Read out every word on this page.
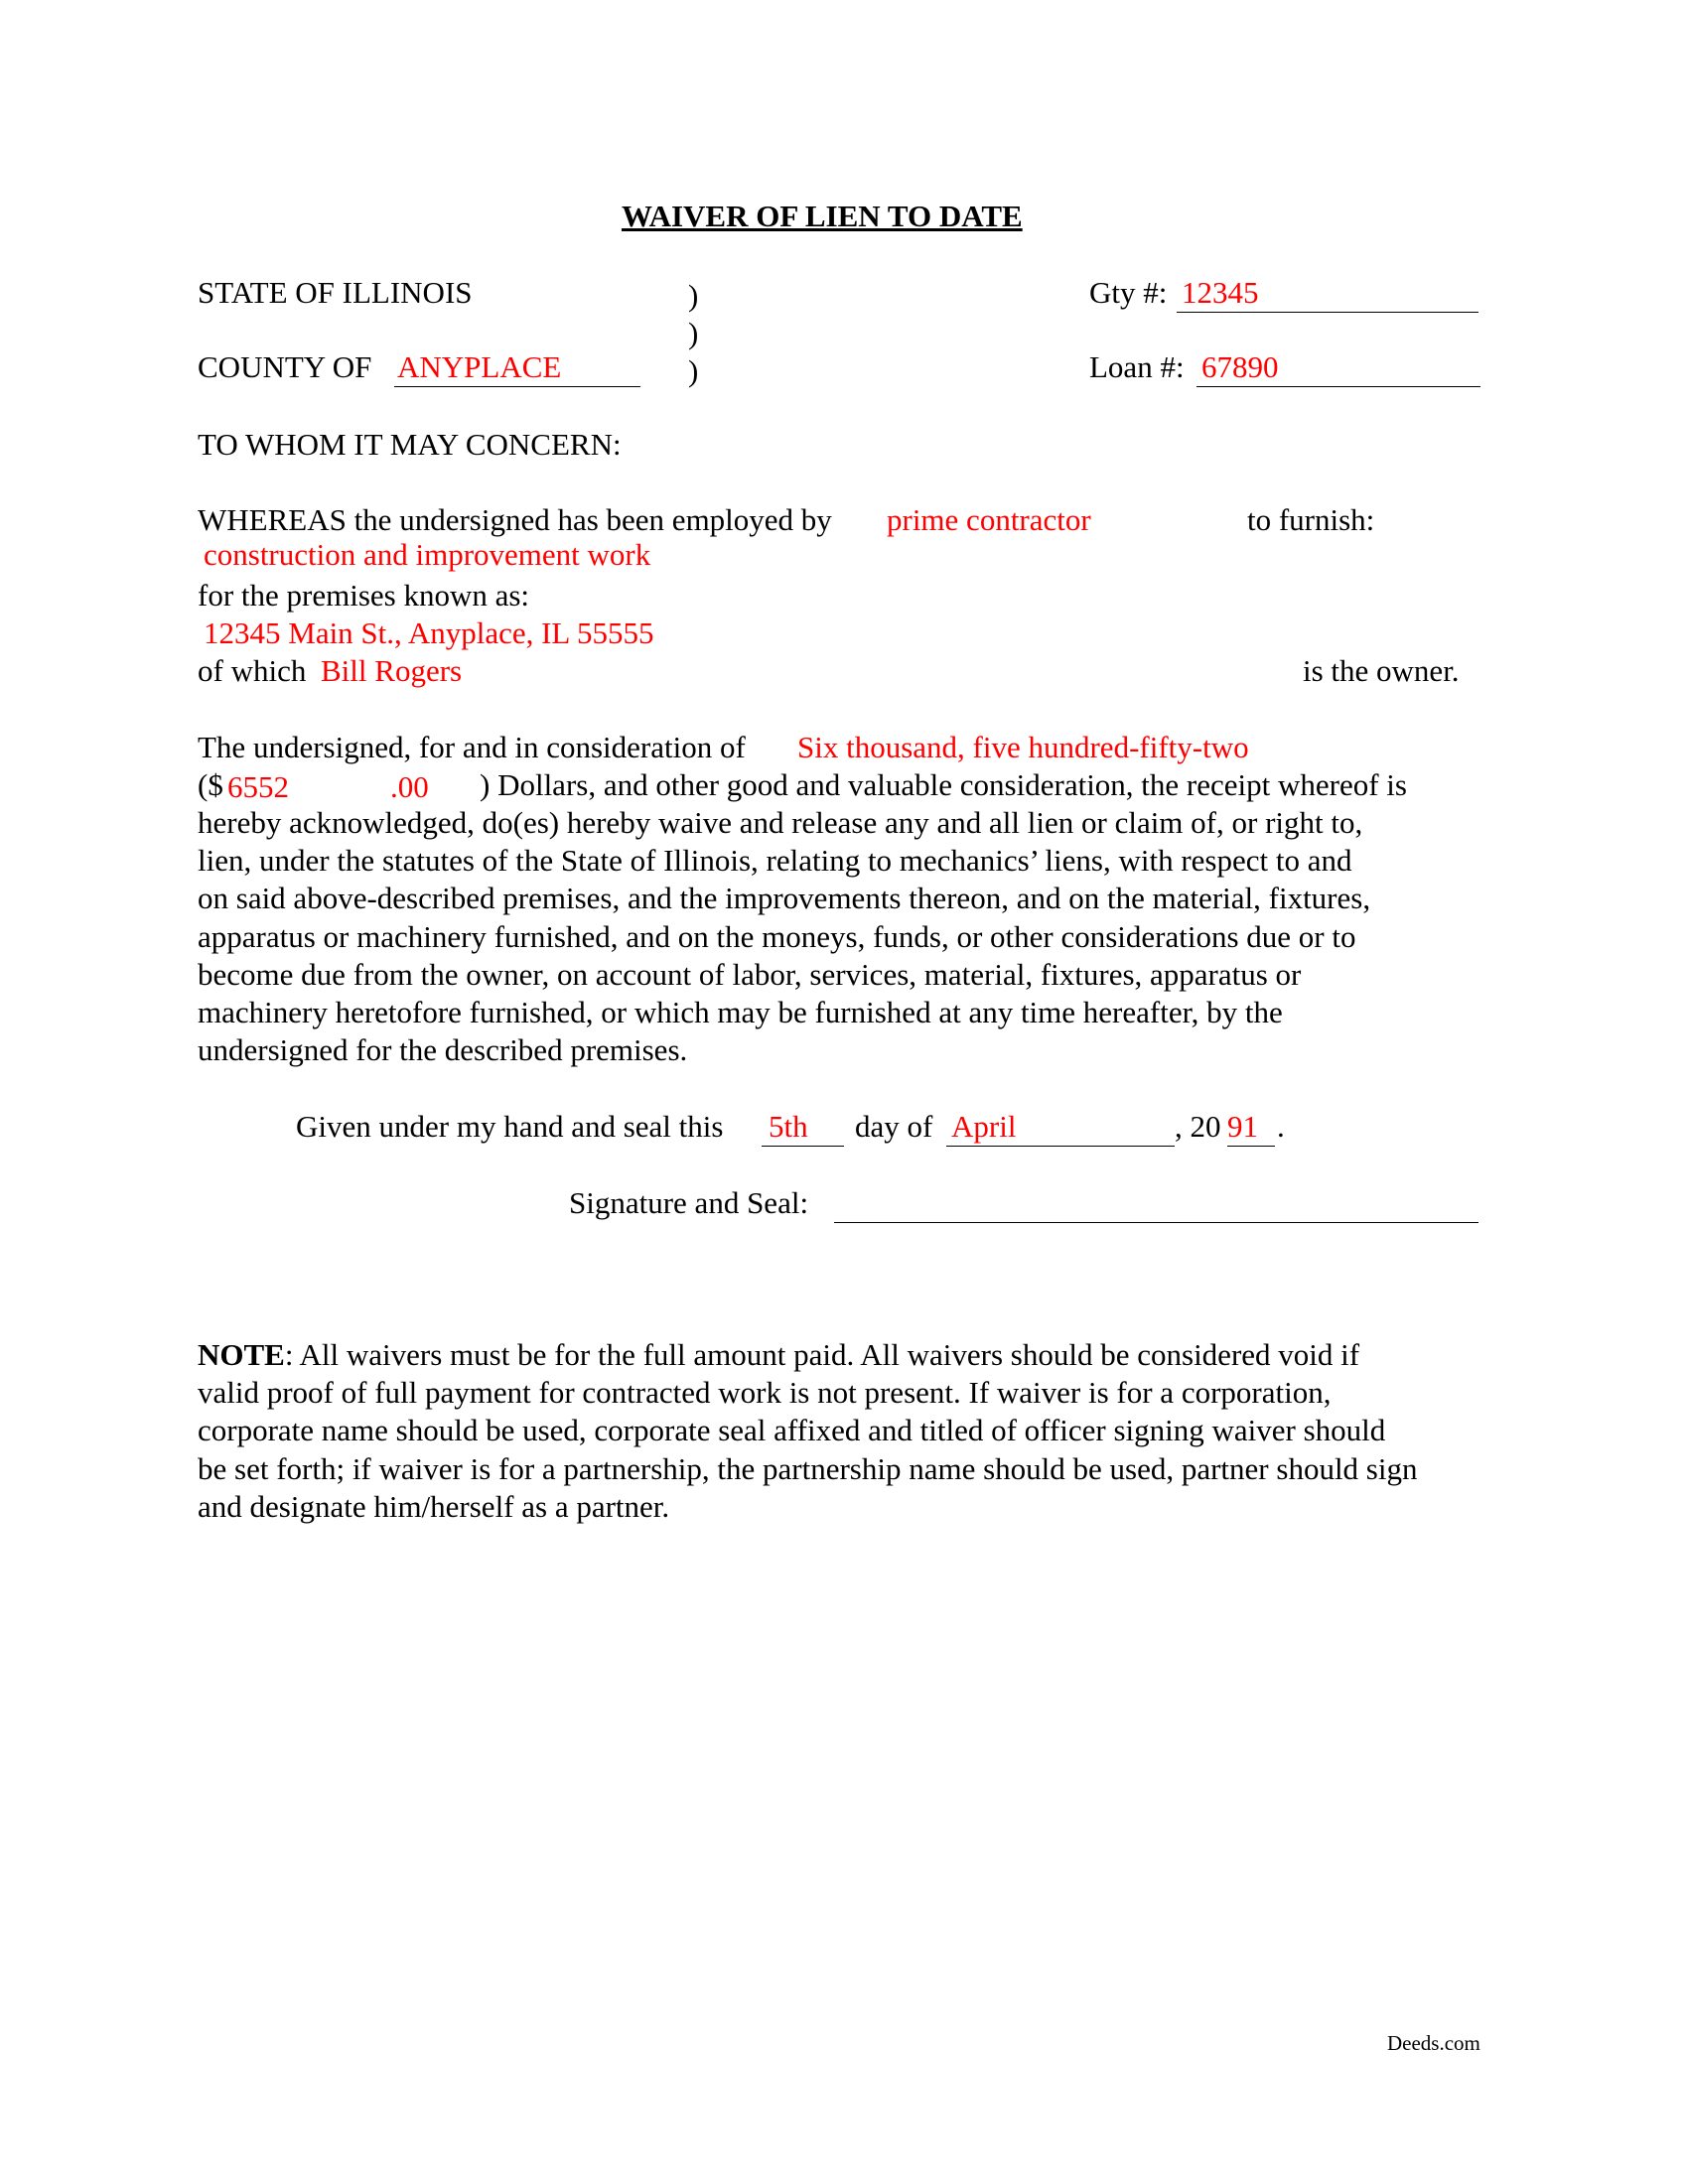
WAIVER OF LIEN TO DATE
STATE OF ILLINOIS	)
)
)
COUNTY OF ANYPLACE
Gty #: 12345
Loan #: 67890
TO WHOM IT MAY CONCERN:
WHEREAS the undersigned has been employed by prime contractor	to furnish:
construction and improvement work
for the premises known as:
12345 Main St., Anyplace, IL 55555
of which Bill Rogers	is the owner.
The undersigned, for and in consideration of Six thousand, five hundred-fifty-two
($ 6552	.00 ) Dollars, and other good and valuable consideration, the receipt whereof is
hereby acknowledged, do(es) hereby waive and release any and all lien or claim of, or right to,
lien, under the statutes of the State of Illinois, relating to mechanics’ liens, with respect to and
on said above-described premises, and the improvements thereon, and on the material, fixtures,
apparatus or machinery furnished, and on the moneys, funds, or other considerations due or to
become due from the owner, on account of labor, services, material, fixtures, apparatus or
machinery heretofore furnished, or which may be furnished at any time hereafter, by the
undersigned for the described premises.
Given under my hand and seal this 5th day of April	, 20 91 .
Signature and Seal:
NOTE: All waivers must be for the full amount paid. All waivers should be considered void if
valid proof of full payment for contracted work is not present. If waiver is for a corporation,
corporate name should be used, corporate seal affixed and titled of officer signing waiver should
be set forth; if waiver is for a partnership, the partnership name should be used, partner should sign
and designate him/herself as a partner.
Deeds.com
